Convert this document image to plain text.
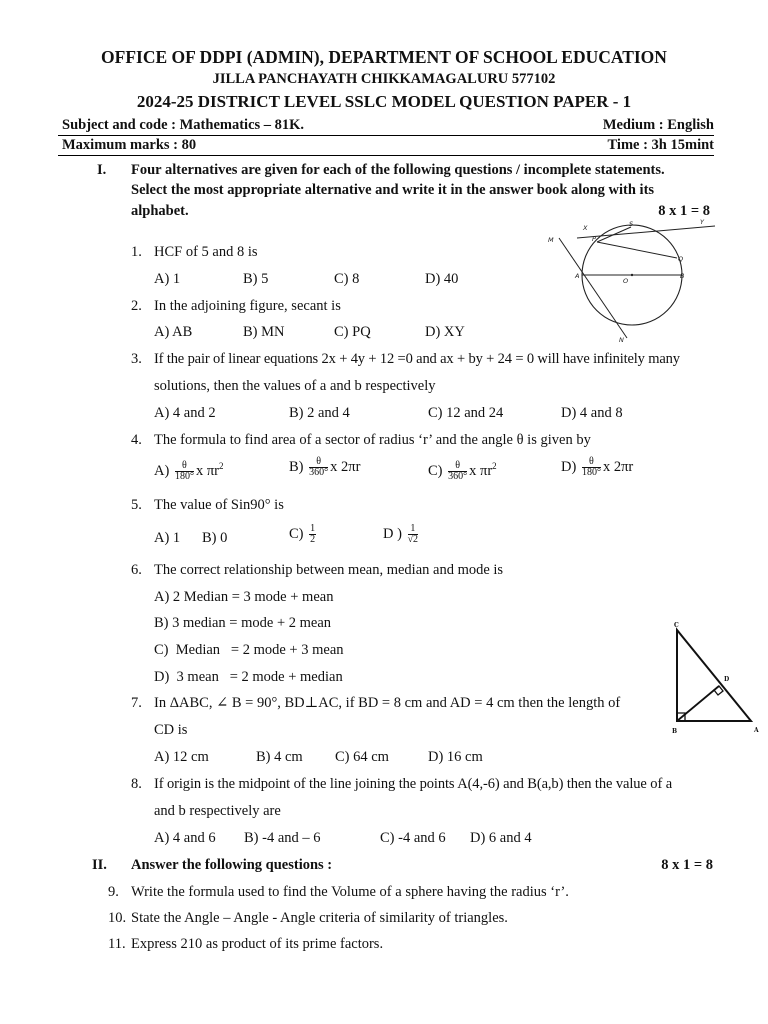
OFFICE OF DDPI (ADMIN), DEPARTMENT OF SCHOOL EDUCATION
JILLA PANCHAYATH CHIKKAMAGALURU 577102
2024-25 DISTRICT LEVEL SSLC MODEL QUESTION PAPER - 1
Subject and code : Mathematics – 81K.	Medium : English
Maximum marks : 80	Time : 3h 15mint
I. Four alternatives are given for each of the following questions / incomplete statements.
Select the most appropriate alternative and write it in the answer book along with its
alphabet.	8 x 1 = 8
1. HCF of 5 and 8 is
A) 1	B) 5	C) 8	D) 40
2. In the adjoining figure, secant is
A) AB	B) MN	C) PQ	D) XY
X
Y
M	P
S
Q
A
O
B
N
3. If the pair of linear equations 2x + 4y + 12 =0 and ax + by + 24 = 0 will have infinitely many
solutions, then the values of a and b respectively
A) 4 and 2	B) 2 and 4	C) 12 and 24	D) 4 and 8
4. The formula to find area of a sector of radius ‘r’ and the angle θ is given by
$A) \frac{\theta}{180^\circ}$ x $\pi r^2$	$B) \frac{\theta}{360^\circ}$ x 2πr	$C) \frac{\theta}{360^\circ}$ x $\pi r^2$	$D) \frac{\theta}{180^\circ}$ x 2πr
5. The value of Sin90° is
A) 1 B) 0	$C) \frac{1}{2}$	D ) $\frac{1}{√2}$
6. The correct relationship between mean, median and mode is
A) 2 Median = 3 mode + mean
B) 3 median = mode + 2 mean
C)  Median   = 2 mode + 3 mean
D)  3 mean   = 2 mode + median
C
D
B	A
7. In ΔABC, ∠ B = 90°, BD⊥AC, if BD = 8 cm and AD = 4 cm then the length of
CD is
A) 12 cm	B) 4 cm C) 64 cm	D) 16 cm
8. If origin is the midpoint of the line joining the points A(4,-6) and B(a,b) then the value of a
and b respectively are
A) 4 and 6 B) -4 and – 6	C) -4 and 6 D) 6 and 4
II. Answer the following questions :	8 x 1 = 8
9. Write the formula used to find the Volume of a sphere having the radius ‘r’.
10. State the Angle – Angle - Angle criteria of similarity of triangles.
11. Express 210 as product of its prime factors.
